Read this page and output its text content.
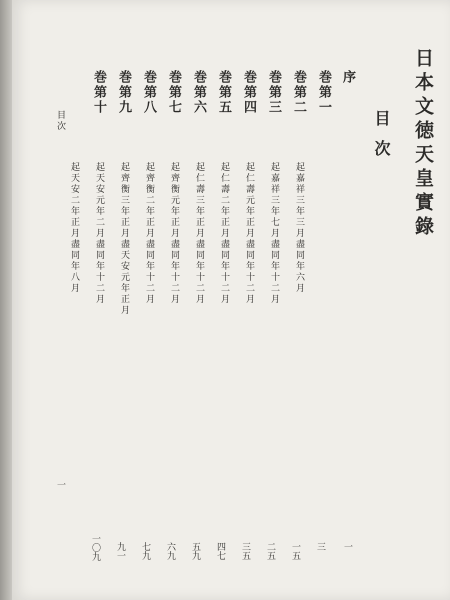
日本文徳天皇實錄
目次
序
一
巻第一
起嘉祥三年三月盡同年六月
三
巻第二
起嘉祥三年七月盡同年十二月
一五
巻第三
起仁壽元年正月盡同年十二月
二五
巻第四
起仁壽二年正月盡同年十二月
三五
巻第五
起仁壽三年正月盡同年十二月
四七
巻第六
起齊衡元年正月盡同年十二月
五九
巻第七
起齊衡二年正月盡同年十二月
六九
巻第八
起齊衡三年正月盡天安元年正月
七九
巻第九
起天安元年二月盡同年十二月
九一
巻第十
起天安二年正月盡同年八月
一〇九
目次
一
